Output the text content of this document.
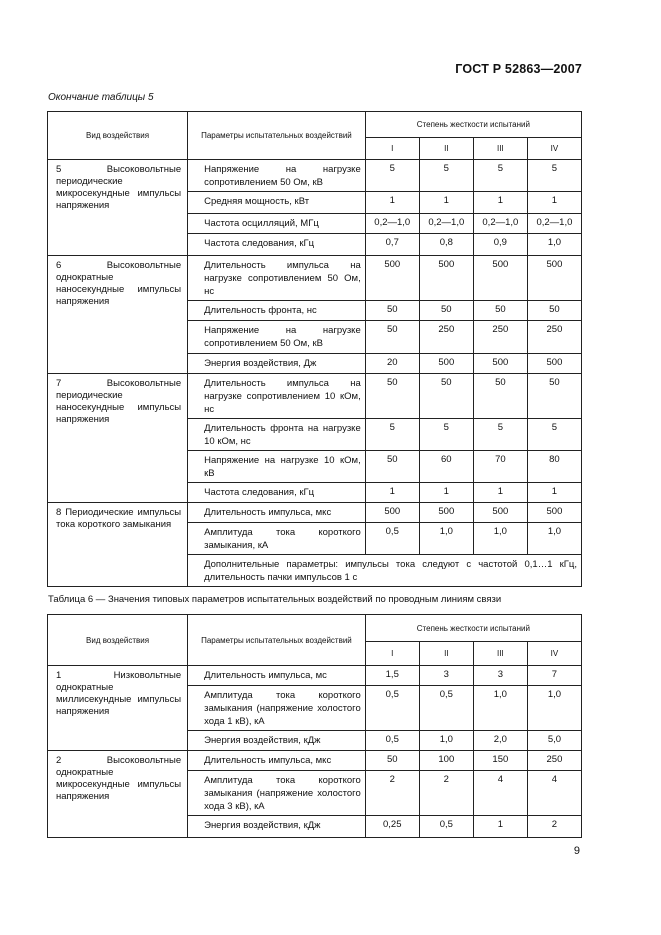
ГОСТ Р 52863—2007
Окончание таблицы 5
Вид воздействия	Параметры испытательных воздействий	Степень жесткости испытаний			
		I	II	III	IV
5 Высоковольтные периодические микросекундные импульсы напряжения	Напряжение на нагрузке сопротивлением 50 Ом, кВ	5	5	5	5
	Средняя мощность, кВт	1	1	1	1
	Частота осцилляций, МГц	0,2—1,0	0,2—1,0	0,2—1,0	0,2—1,0
	Частота следования, кГц	0,7	0,8	0,9	1,0
6 Высоковольтные однократные наносекундные импульсы напряжения	Длительность импульса на нагрузке сопротивлением 50 Ом, нс	500	500	500	500
	Длительность фронта, нс	50	50	50	50
	Напряжение на нагрузке сопротивлением 50 Ом, кВ	50	250	250	250
	Энергия воздействия, Дж	20	500	500	500
7 Высоковольтные периодические наносекундные импульсы напряжения	Длительность импульса на нагрузке сопротивлением 10 кОм, нс	50	50	50	50
	Длительность фронта на нагрузке 10 кОм, нс	5	5	5	5
	Напряжение на нагрузке 10 кОм, кВ	50	60	70	80
	Частота следования, кГц	1	1	1	1
8 Периодические импульсы тока короткого замыкания	Длительность импульса, мкс	500	500	500	500
	Амплитуда тока короткого замыкания, кА	0,5	1,0	1,0	1,0
	Дополнительные параметры: импульсы тока следуют с частотой 0,1…1 кГц, длительность пачки импульсов 1 с				
Таблица 6 — Значения типовых параметров испытательных воздействий по проводным линиям связи
Вид воздействия	Параметры испытательных воздействий	Степень жесткости испытаний			
		I	II	III	IV
1 Низковольтные однократные миллисекундные импульсы напряжения	Длительность импульса, мс	1,5	3	3	7
	Амплитуда тока короткого замыкания (напряжение холостого хода 1 кВ), кА	0,5	0,5	1,0	1,0
	Энергия воздействия, кДж	0,5	1,0	2,0	5,0
2 Высоковольтные однократные микросекундные импульсы напряжения	Длительность импульса, мкс	50	100	150	250
	Амплитуда тока короткого замыкания (напряжение холостого хода 3 кВ), кА	2	2	4	4
	Энергия воздействия, кДж	0,25	0,5	1	2
9
